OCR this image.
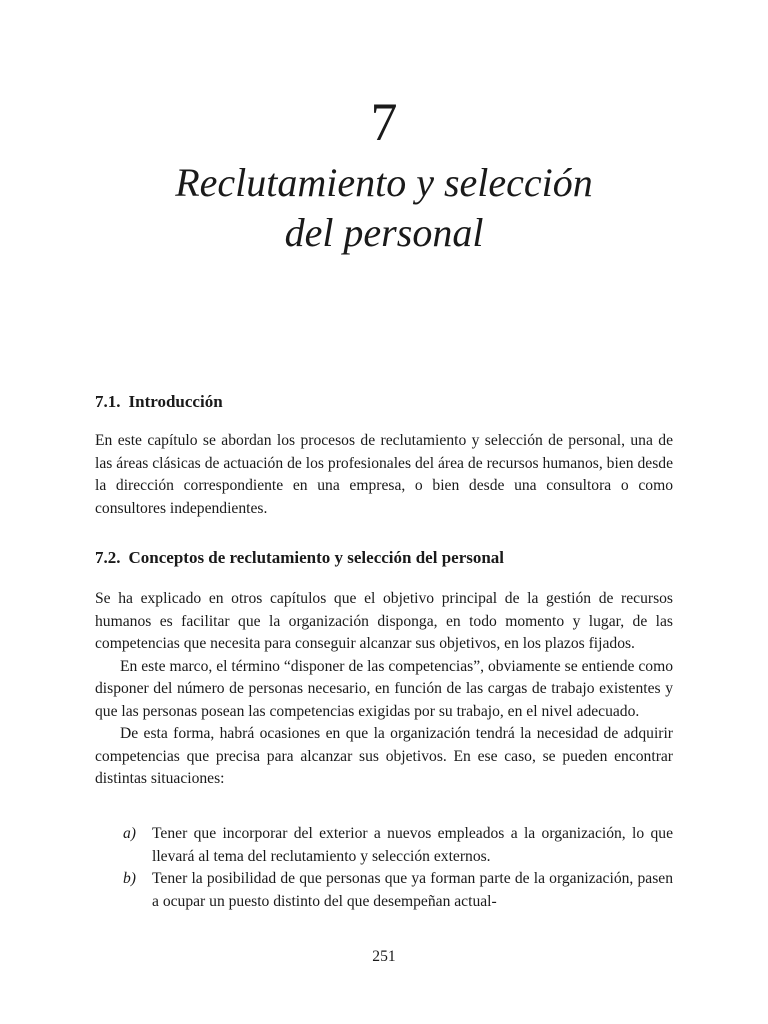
7
Reclutamiento y selección
del personal
7.1. Introducción

En este capítulo se abordan los procesos de reclutamiento y selección de personal, una de las áreas clásicas de actuación de los profesionales del área de recursos humanos, bien desde la dirección correspondiente en una empresa, o bien desde una consultora o como consultores independientes.

7.2. Conceptos de reclutamiento y selección del personal

Se ha explicado en otros capítulos que el objetivo principal de la gestión de recursos humanos es facilitar que la organización disponga, en todo momento y lugar, de las competencias que necesita para conseguir alcanzar sus objetivos, en los plazos fijados.

En este marco, el término “disponer de las competencias”, obviamente se entiende como disponer del número de personas necesario, en función de las cargas de trabajo existentes y que las personas posean las competencias exigidas por su trabajo, en el nivel adecuado.

De esta forma, habrá ocasiones en que la organización tendrá la necesidad de adquirir competencias que precisa para alcanzar sus objetivos. En ese caso, se pueden encontrar distintas situaciones:

a) Tener que incorporar del exterior a nuevos empleados a la organización, lo que llevará al tema del reclutamiento y selección externos.
b) Tener la posibilidad de que personas que ya forman parte de la organización, pasen a ocupar un puesto distinto del que desempeñan actual-
251
